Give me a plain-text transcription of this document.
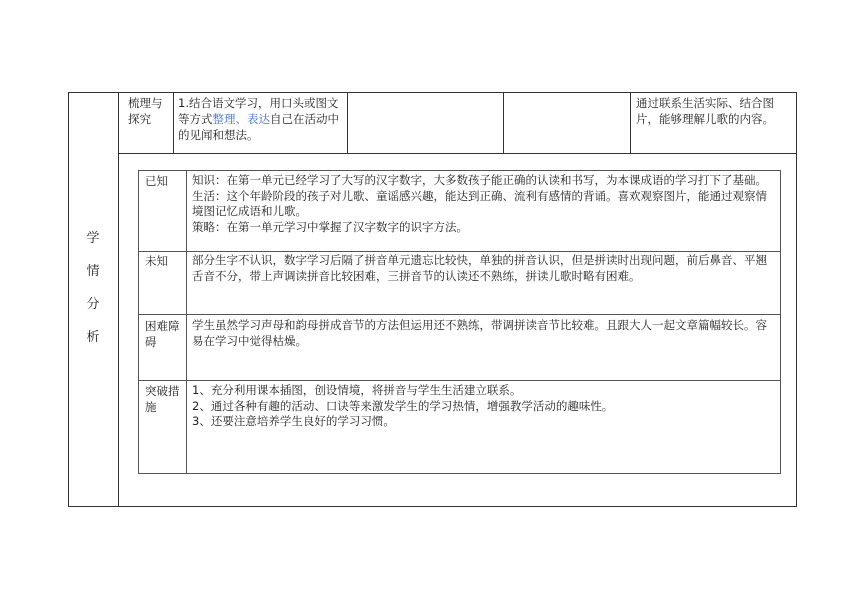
梳理与探究
1.结合语文学习，用口头或图文等方式整理、表达自己在活动中的见闻和想法。
通过联系生活实际、结合图片，能够理解儿歌的内容。
学
情
分
析
已知	知识：在第一单元已经学习了大写的汉字数字，大多数孩子能正确的认读和书写，为本课成语的学习打下了基础。

生活：这个年龄阶段的孩子对儿歌、童谣感兴趣，能达到正确、流利有感情的背诵。喜欢观察图片，能通过观察情境图记忆成语和儿歌。

策略：在第一单元学习中掌握了汉字数字的识字方法。

未知	部分生字不认识，数字学习后隔了拼音单元遗忘比较快，单独的拼音认识，但是拼读时出现问题，前后鼻音、平翘舌音不分，带上声调读拼音比较困难，三拼音节的认读还不熟练，拼读儿歌时略有困难。

困难障碍

学生虽然学习声母和韵母拼成音节的方法但运用还不熟练，带调拼读音节比较难。且跟大人一起文章篇幅较长。容易在学习中觉得枯燥。

突破措施

1、充分利用课本插图，创设情境，将拼音与学生生活建立联系。

2、通过各种有趣的活动、口诀等来激发学生的学习热情，增强教学活动的趣味性。

3、还要注意培养学生良好的学习习惯。
